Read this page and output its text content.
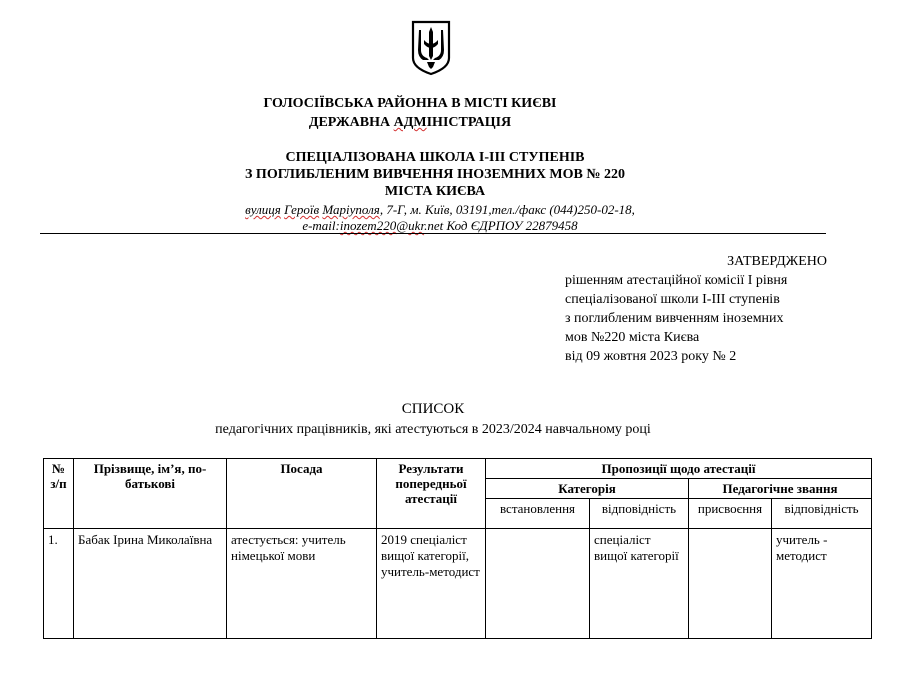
ГОЛОСІЇВСЬКА РАЙОННА В МІСТІ КИЄВІ
ДЕРЖАВНА АДМІНІСТРАЦІЯ
СПЕЦІАЛІЗОВАНА ШКОЛА І-ІІІ СТУПЕНІВ
З ПОГЛИБЛЕНИМ ВИВЧЕННЯ ІНОЗЕМНИХ МОВ № 220
МІСТА КИЄВА
вулиця Героїв Маріуполя, 7-Г, м. Київ, 03191,тел./факс (044)250-02-18,
e-mail:inozem220@ukr.net Код ЄДРПОУ 22879458
ЗАТВЕРДЖЕНО
рішенням атестаційної комісії І рівня
спеціалізованої школи І-ІІІ ступенів
з поглибленим вивченням іноземних
мов №220 міста Києва
від 09 жовтня 2023 року № 2
СПИСОК
педагогічних працівників, які атестуються в 2023/2024 навчальному році
№ з/п	Прізвище, ім’я, по-батькові	Посада	Результати попередньої атестації	Пропозиції щодо атестації			
				Категорія		Педагогічне звання	
				встановлення	відповідність	присвоєння	відповідність
1.	Бабак Ірина Миколаївна	атестується: учитель німецької мови	2019 спеціаліст вищої категорії, учитель-методист		спеціаліст вищої категорії		учитель - методист
